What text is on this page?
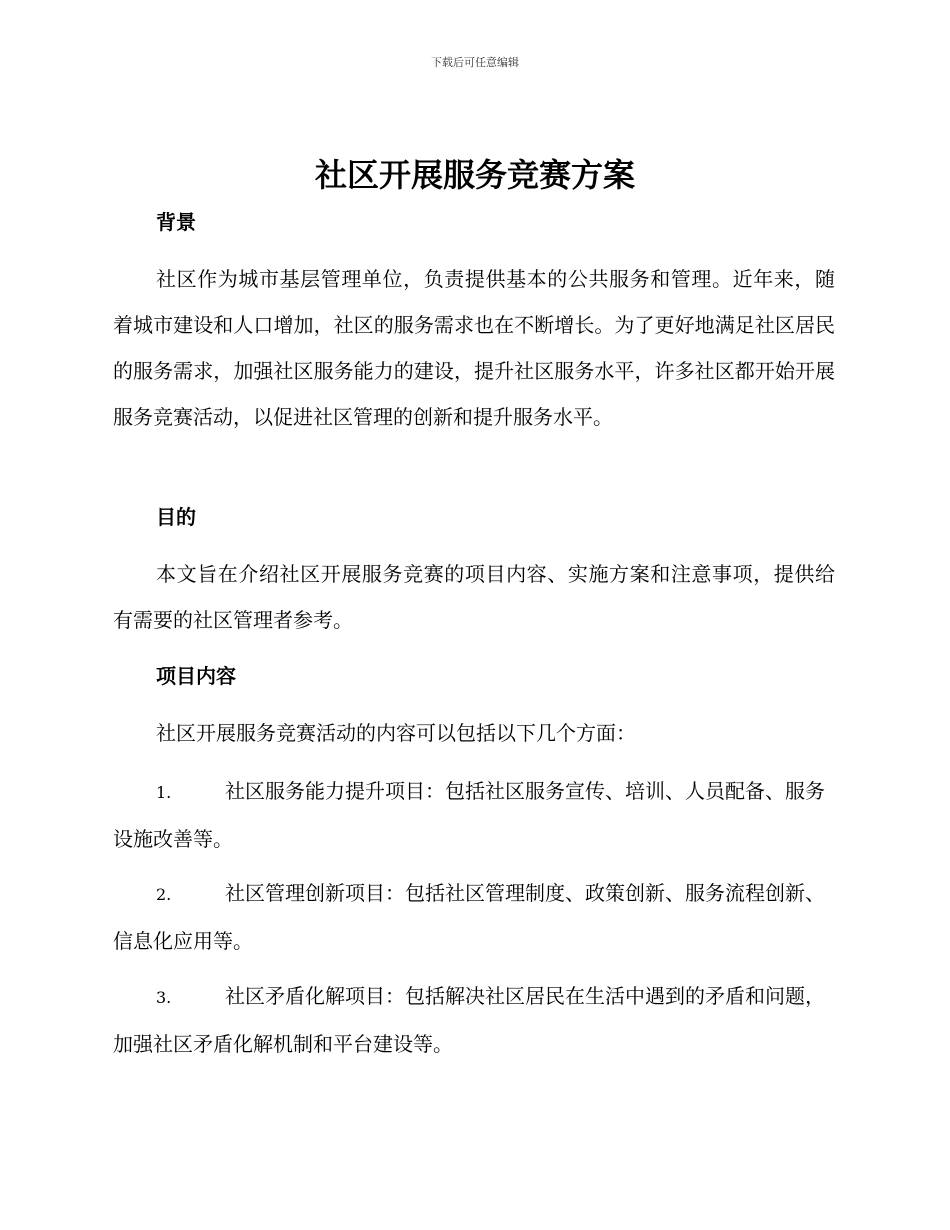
下载后可任意编辑
社区开展服务竞赛方案
背景
社区作为城市基层管理单位，负责提供基本的公共服务和管理。近年来，随着城市建设和人口增加，社区的服务需求也在不断增长。为了更好地满足社区居民的服务需求，加强社区服务能力的建设，提升社区服务水平，许多社区都开始开展服务竞赛活动，以促进社区管理的创新和提升服务水平。
目的
本文旨在介绍社区开展服务竞赛的项目内容、实施方案和注意事项，提供给有需要的社区管理者参考。
项目内容
社区开展服务竞赛活动的内容可以包括以下几个方面：
1.	社区服务能力提升项目：包括社区服务宣传、培训、人员配备、服务设施改善等。
2.	社区管理创新项目：包括社区管理制度、政策创新、服务流程创新、信息化应用等。
3.	社区矛盾化解项目：包括解决社区居民在生活中遇到的矛盾和问题，加强社区矛盾化解机制和平台建设等。
